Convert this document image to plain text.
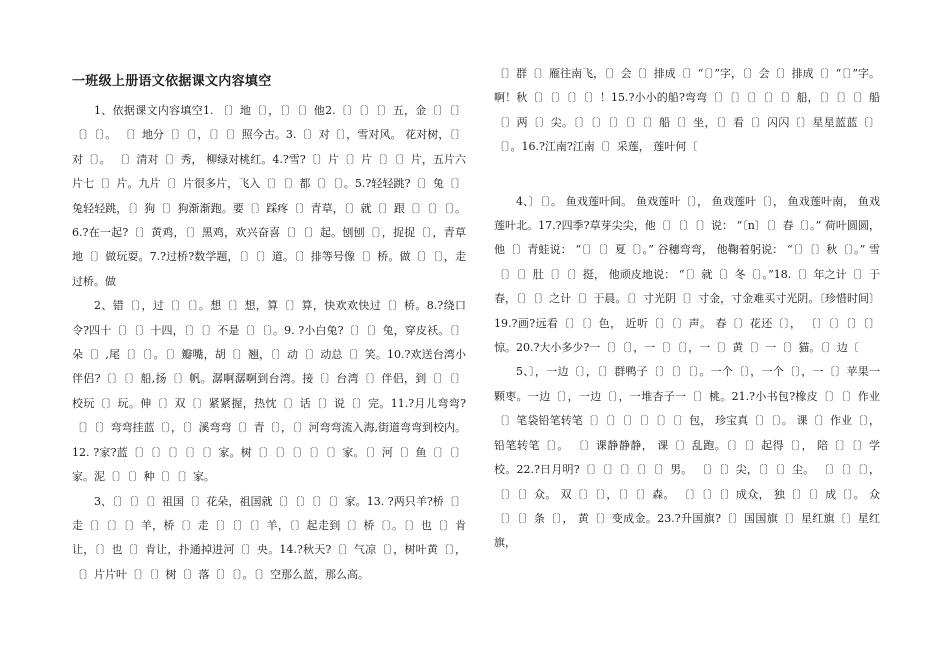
一班级上册语文依据课文内容填空

1、依据课文内容填空1. 〔〕地〔〕，〔〕〔〕他2.〔〕〔〕〔〕五，金〔〕〔〕〔〕〔〕。 〔〕地分〔〕〔〕，〔〕〔〕照今古。3.〔〕对〔〕，雪对风。 花对树，〔〕对〔〕。 〔〕清对〔〕秀， 柳绿对桃红。4.?雪?〔〕片〔〕片〔〕〔〕片，五片六片七〔〕片。九片〔〕片很多片，飞入〔〕〔〕都〔〕〔〕。5.?轻轻跳?〔〕兔〔〕兔轻轻跳，〔〕狗〔〕狗渐渐跑。要〔〕踩疼〔〕青草，〔〕就〔〕跟〔〕〔〕〔〕。6.?在一起?〔〕黄鸡，〔〕黑鸡，欢兴奋喜〔〕〔〕起。刨刨〔〕，捉捉〔〕，青草地〔〕做玩耍。7.?过桥?数学题，〔〕〔〕道。〔〕排等号像〔〕桥。做〔〕〔〕，走过桥。做

2、错〔〕，过〔〕〔〕。想〔〕想，算〔〕算，快欢欢快过〔〕桥。8.?绕口令?四十〔〕〔〕十四，〔〕〔〕不是〔〕〔〕。9. ?小白兔?〔〕〔〕兔，穿皮袄。〔〕朵〔〕,尾〔〕〔〕。〔〕瓣嘴，胡〔〕翘，〔〕动〔〕动总〔〕笑。10.?欢送台湾小伴侣?〔〕〔〕船,扬〔〕帆。潺啊潺啊到台湾。接〔〕台湾〔〕伴侣，到〔〕〔〕校玩〔〕玩。伸〔〕双〔〕紧紧握，热忱〔〕话〔〕说〔〕完。11.?月儿弯弯?〔〕〔〕弯弯挂蓝〔〕，〔〕溪弯弯〔〕青〔〕，〔〕河弯弯流入海,街道弯弯到校内。12. ?家?蓝〔〕〔〕〔〕〔〕〔〕家。树〔〕〔〕〔〕〔〕〔〕家。〔〕河〔〕鱼〔〕〔〕家。泥〔〕〔〕种〔〕〔〕家。

3、〔〕〔〕〔〕祖国〔〕花朵，祖国就〔〕〔〕〔〕〔〕家。13. ?两只羊?桥〔〕走〔〕〔〕〔〕羊，桥〔〕走〔〕〔〕〔〕羊，〔〕起走到〔〕桥〔〕。〔〕也〔〕肯让，〔〕也〔〕肯让，扑通掉进河〔〕央。14.?秋天?〔〕气凉〔〕，树叶黄〔〕，〔〕片片叶〔〕〔〕树〔〕落〔〕〔〕。〔〕空那么蓝，那么高。

〔〕群〔〕雁往南飞，〔〕会〔〕排成〔〕“〔〕”字，〔〕会〔〕排成〔〕“〔〕”字。啊！秋〔〕〔〕〔〕〔〕！15.?小小的船?弯弯〔〕〔〕〔〕〔〕〔〕船，〔〕〔〕〔〕船〔〕两〔〕尖。〔〕〔〕〔〕〔〕〔〕船〔〕坐，〔〕看〔〕闪闪〔〕星星蓝蓝〔〕〔〕。16.?江南?江南〔〕采莲， 莲叶何〔

4、〕〔〕。 鱼戏莲叶间。 鱼戏莲叶〔〕， 鱼戏莲叶〔〕， 鱼戏莲叶南， 鱼戏莲叶北。17.?四季?草芽尖尖，他〔〕〔〕〔〕说： “〔n〕〔〕春〔〕。” 荷叶圆圆， 他〔〕青蛙说： “〔〕〔〕夏〔〕。” 谷穗弯弯， 他鞠着躬说： “〔〕〔〕秋〔〕。” 雪〔〕〔〕肚〔〕〔〕挺， 他顽皮地说： “〔〕就〔〕冬〔〕。”18.〔〕年之计〔〕于春，〔〕〔〕之计〔〕于晨。〔〕寸光阴〔〕寸金，寸金难买寸光阴。〔珍惜时间〕19.?画?远看〔〕〔〕色， 近听〔〕〔〕声。 春〔〕花还〔〕， 〔〕〔〕〔〕〔〕惊。20.?大小多少?一〔〕〔〕，一〔〕〔〕，一〔〕黄〔〕一〔〕猫。〔〕边〔

5、〕，一边〔〕，〔〕群鸭子〔〕〔〕〔〕。一个〔〕，一个〔〕，一〔〕苹果一颗枣。一边〔〕，一边〔〕，一堆杏子一〔〕桃。21.?小书包?橡皮〔〕〔〕作业〔〕笔袋铅笔转笔〔〕〔〕〔〕〔〕〔〕〔〕包， 珍宝真〔〕〔〕。 课〔〕作业〔〕， 铅笔转笔〔〕。 〔〕课静静静， 课〔〕乱跑。〔〕〔〕起得〔〕， 陪〔〕〔〕学校。22.?日月明?〔〕〔〕〔〕〔〕〔〕男。 〔〕〔〕尖，〔〕〔〕尘。 〔〕〔〕〔〕，〔〕〔〕众。 双〔〕〔〕，〔〕〔〕森。 〔〕〔〕〔〕成众， 独〔〕〔〕成〔〕。 众〔〕〔〕条〔〕， 黄〔〕变成金。23.?升国旗?〔〕国国旗〔〕星红旗〔〕星红旗，
